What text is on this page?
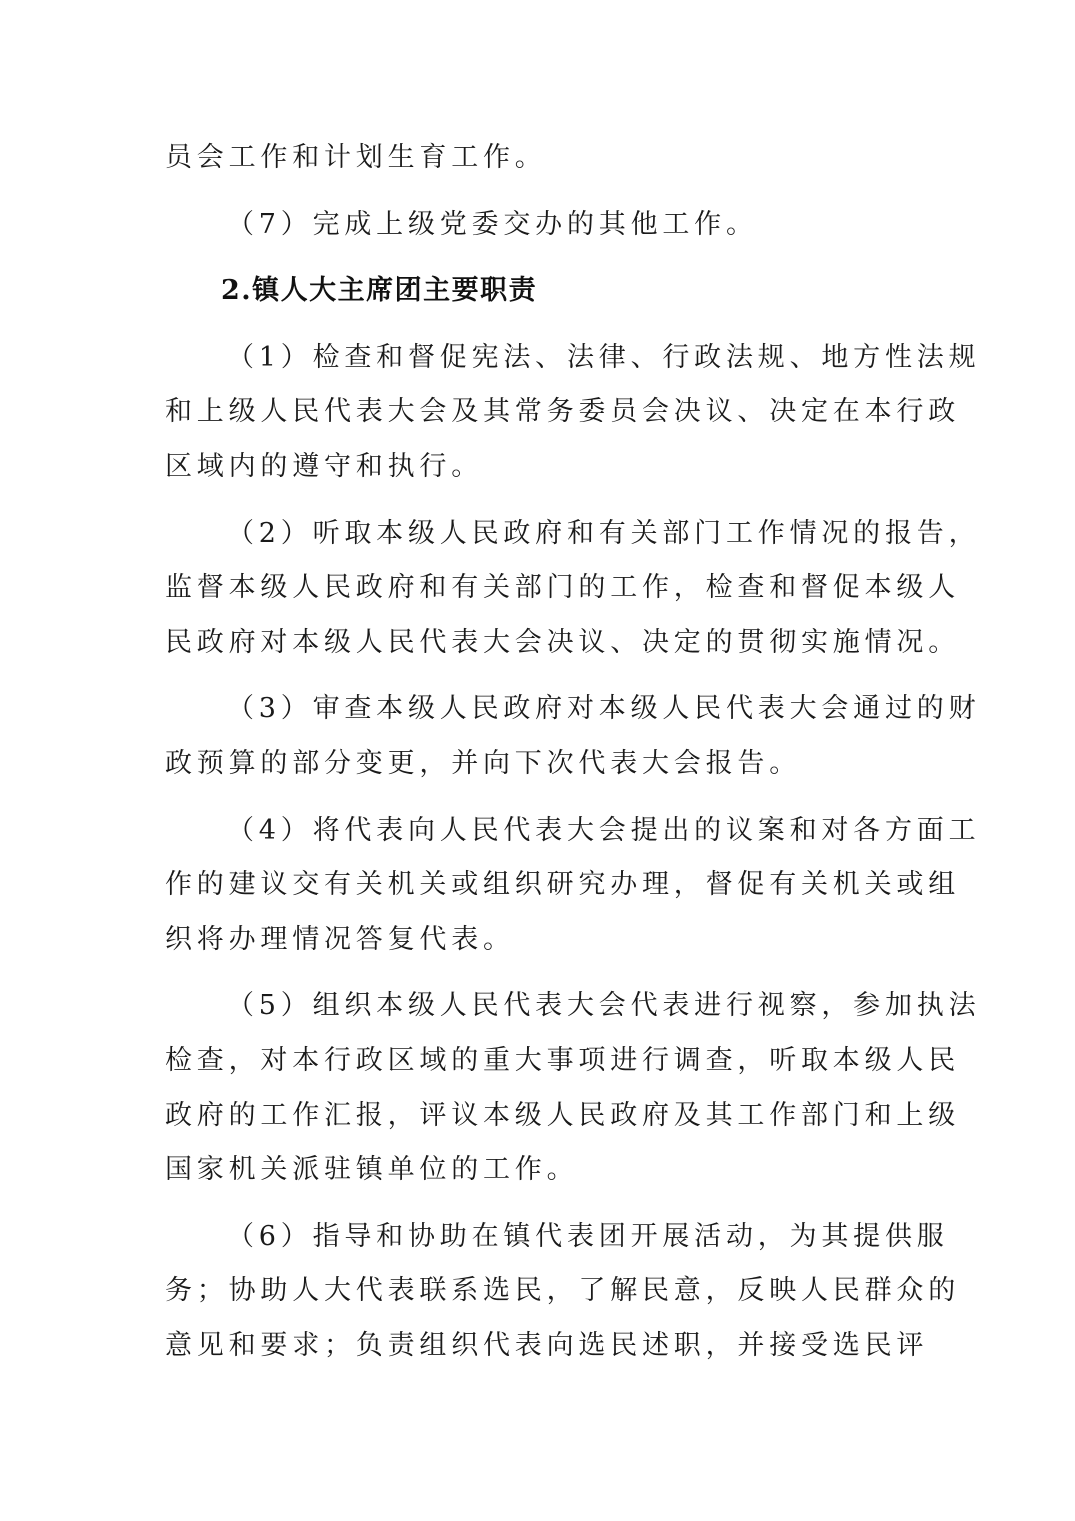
员会工作和计划生育工作。

（7）完成上级党委交办的其他工作。

2.镇人大主席团主要职责

（1）检查和督促宪法、法律、行政法规、地方性法规
和上级人民代表大会及其常务委员会决议、决定在本行政
区域内的遵守和执行。

（2）听取本级人民政府和有关部门工作情况的报告，
监督本级人民政府和有关部门的工作，检查和督促本级人
民政府对本级人民代表大会决议、决定的贯彻实施情况。

（3）审查本级人民政府对本级人民代表大会通过的财
政预算的部分变更，并向下次代表大会报告。

（4）将代表向人民代表大会提出的议案和对各方面工
作的建议交有关机关或组织研究办理，督促有关机关或组
织将办理情况答复代表。

（5）组织本级人民代表大会代表进行视察，参加执法
检查，对本行政区域的重大事项进行调查，听取本级人民
政府的工作汇报，评议本级人民政府及其工作部门和上级
国家机关派驻镇单位的工作。

（6）指导和协助在镇代表团开展活动，为其提供服
务；协助人大代表联系选民，了解民意，反映人民群众的
意见和要求；负责组织代表向选民述职，并接受选民评
